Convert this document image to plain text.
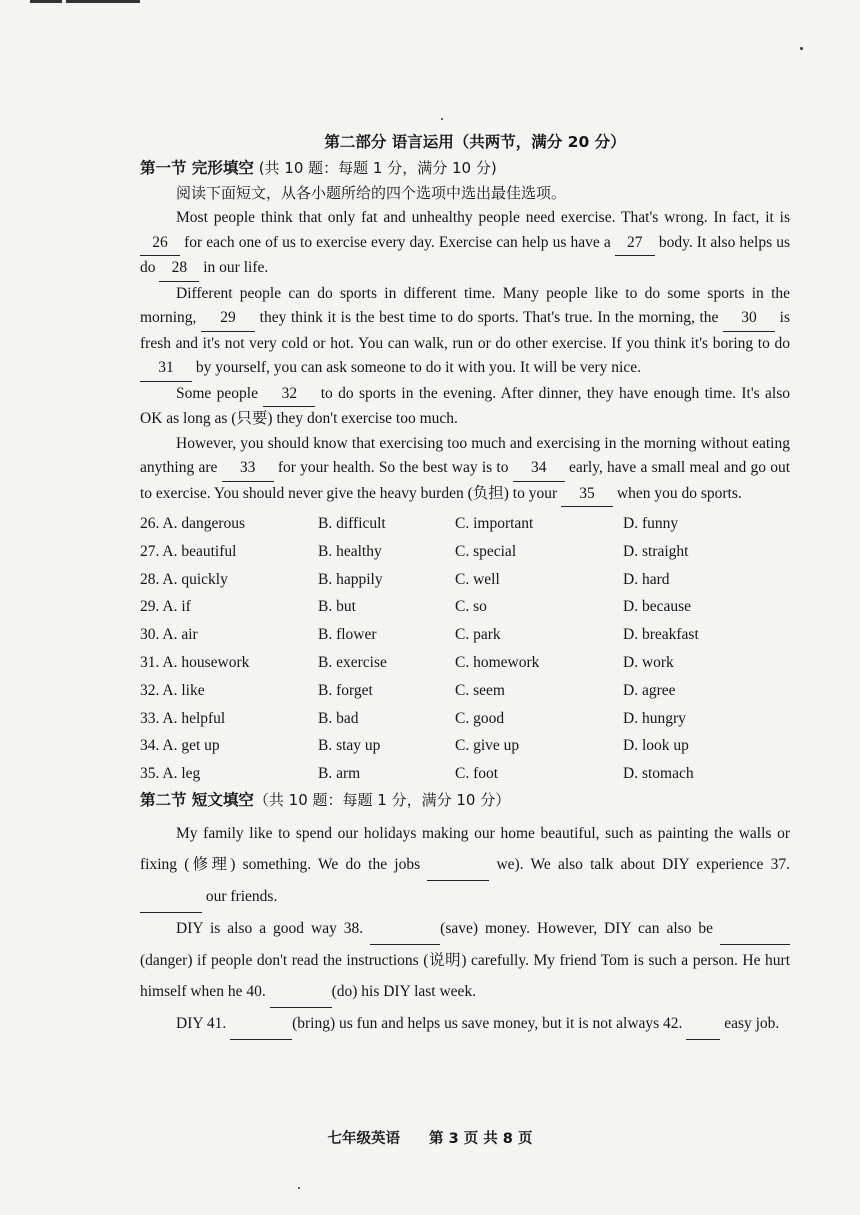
第二部分 语言运用（共两节，满分 20 分）
第一节 完形填空 (共 10 题：每题 1 分，满分 10 分)
阅读下面短文，从各小题所给的四个选项中选出最佳选项。

Most people think that only fat and unhealthy people need exercise. That's wrong. In fact, it is 26 for each one of us to exercise every day. Exercise can help us have a 27 body. It also helps us do 28 in our life.

Different people can do sports in different time. Many people like to do some sports in the morning, 29 they think it is the best time to do sports. That's true. In the morning, the 30 is fresh and it's not very cold or hot. You can walk, run or do other exercise. If you think it's boring to do 31 by yourself, you can ask someone to do it with you. It will be very nice.

Some people 32 to do sports in the evening. After dinner, they have enough time. It's also OK as long as (只要) they don't exercise too much.

However, you should know that exercising too much and exercising in the morning without eating anything are 33 for your health. So the best way is to 34 early, have a small meal and go out to exercise. You should never give the heavy burden (负担) to your 35 when you do sports.

26. A. dangerous	B. difficult	C. important	D. funny
27. A. beautiful	B. healthy	C. special	D. straight
28. A. quickly	B. happily	C. well	D. hard
29. A. if	B. but	C. so	D. because
30. A. air	B. flower	C. park	D. breakfast
31. A. housework	B. exercise	C. homework	D. work
32. A. like	B. forget	C. seem	D. agree
33. A. helpful	B. bad	C. good	D. hungry
34. A. get up	B. stay up	C. give up	D. look up
35. A. leg	B. arm	C. foot	D. stomach
第二节 短文填空（共 10 题：每题 1 分，满分 10 分）

My family like to spend our holidays making our home beautiful, such as painting the walls or fixing (修理) something. We do the jobs	we). We also talk about DIY experience 37.   our friends.

DIY is also a good way 38.	(save) money. However, DIY can also be  (danger) if people don't read the instructions (说明) carefully. My friend Tom is such a person. He hurt himself when he 40.	(do) his DIY last week.

DIY 41.	(bring) us fun and helps us save money, but it is not always 42.   easy job.

七年级英语　　第 3 页 共 8 页
